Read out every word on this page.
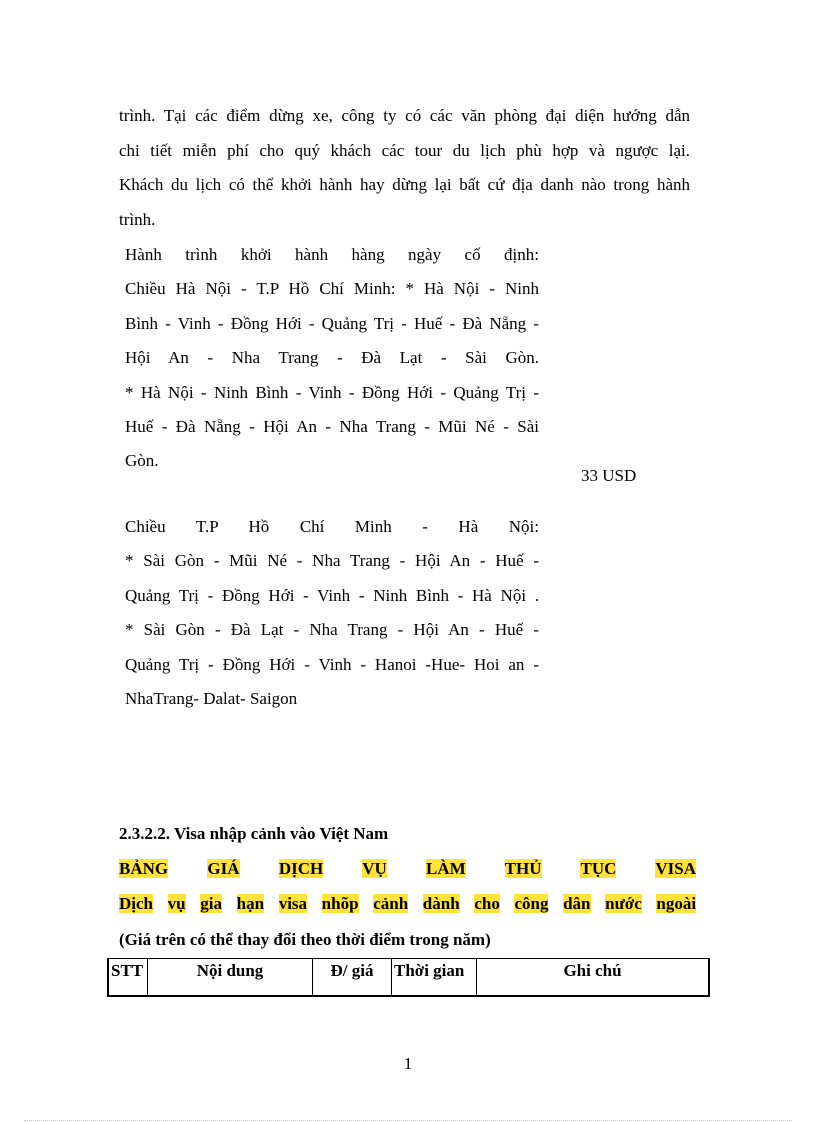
trình. Tại các điểm dừng xe, công ty có các văn phòng đại diện hướng dẫn
chi tiết miễn phí cho quý khách các tour du lịch phù hợp và ngược lại.
Khách du lịch có thể khởi hành hay dừng lại bất cứ địa danh nào trong hành
trình.
Hành trình khởi hành hàng ngày cố định:
Chiều Hà Nội - T.P Hồ Chí Minh: * Hà Nội - Ninh
Bình - Vinh - Đồng Hới - Quảng Trị - Huế - Đà Nẵng -
Hội An - Nha Trang - Đà Lạt - Sài Gòn.
* Hà Nội - Ninh Bình - Vinh - Đồng Hới - Quảng Trị -
Huế - Đà Nẵng - Hội An - Nha Trang - Mũi Né - Sài
Gòn.
33 USD
Chiều T.P Hồ Chí Minh - Hà Nội:
* Sài Gòn - Mũi Né - Nha Trang - Hội An - Huế -
Quảng Trị - Đồng Hới - Vinh - Ninh Bình - Hà Nội .
* Sài Gòn - Đà Lạt - Nha Trang - Hội An - Huế -
Quảng Trị - Đồng Hới - Vinh - Hanoi -Hue- Hoi an -
NhaTrang- Dalat- Saigon
2.3.2.2. Visa nhập cảnh vào Việt Nam
BẢNG GIÁ DỊCH VỤ LÀM THỦ TỤC VISA
Dịch vụ gia hạn visa nhõp cảnh dành cho công dân nước ngoài
(Giá trên có thể thay đổi theo thời điểm trong năm)
STT	Nội dung	Đ/ giá	Thời gian	Ghi chú
1
